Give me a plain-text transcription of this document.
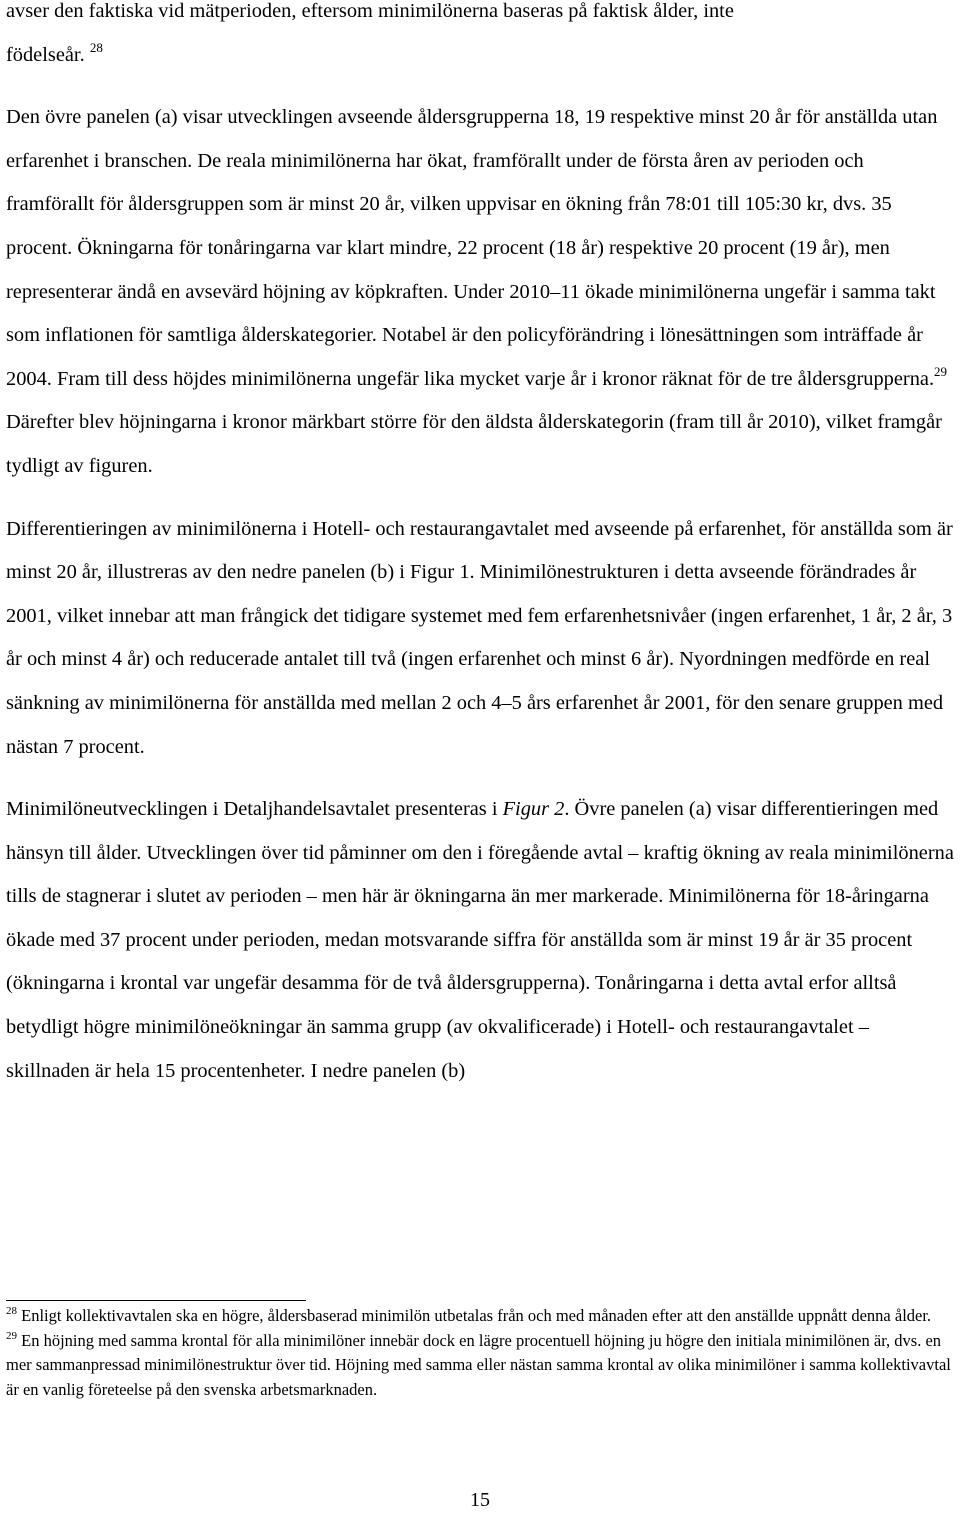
avser den faktiska vid mätperioden, eftersom minimilönerna baseras på faktisk ålder, inte
födelseår. $^{28}$

Den övre panelen (a) visar utvecklingen avseende åldersgrupperna 18, 19 respektive minst 20 år för anställda utan erfarenhet i branschen. De reala minimilönerna har ökat, framförallt under de första åren av perioden och framförallt för åldersgruppen som är minst 20 år, vilken uppvisar en ökning från 78:01 till 105:30 kr, dvs. 35 procent. Ökningarna för tonåringarna var klart mindre, 22 procent (18 år) respektive 20 procent (19 år), men representerar ändå en avsevärd höjning av köpkraften. Under 2010–11 ökade minimilönerna ungefär i samma takt som inflationen för samtliga ålderskategorier. Notabel är den policyförändring i lönesättningen som inträffade år 2004. Fram till dess höjdes minimilönerna ungefär lika mycket varje år i kronor räknat för de tre åldersgrupperna.$^{29}$ Därefter blev höjningarna i kronor märkbart större för den äldsta ålderskategorin (fram till år 2010), vilket framgår tydligt av figuren.

Differentieringen av minimilönerna i Hotell- och restaurangavtalet med avseende på erfarenhet, för anställda som är minst 20 år, illustreras av den nedre panelen (b) i Figur 1. Minimilönestrukturen i detta avseende förändrades år 2001, vilket innebar att man frångick det tidigare systemet med fem erfarenhetsnivåer (ingen erfarenhet, 1 år, 2 år, 3 år och minst 4 år) och reducerade antalet till två (ingen erfarenhet och minst 6 år). Nyordningen medförde en real sänkning av minimilönerna för anställda med mellan 2 och 4–5 års erfarenhet år 2001, för den senare gruppen med nästan 7 procent.

Minimilöneutvecklingen i Detaljhandelsavtalet presenteras i Figur 2. Övre panelen (a) visar differentieringen med hänsyn till ålder. Utvecklingen över tid påminner om den i föregående avtal – kraftig ökning av reala minimilönerna tills de stagnerar i slutet av perioden – men här är ökningarna än mer markerade. Minimilönerna för 18-åringarna ökade med 37 procent under perioden, medan motsvarande siffra för anställda som är minst 19 år är 35 procent (ökningarna i krontal var ungefär desamma för de två åldersgrupperna). Tonåringarna i detta avtal erfor alltså betydligt högre minimilöneökningar än samma grupp (av okvalificerade) i Hotell- och restaurangavtalet – skillnaden är hela 15 procentenheter. I nedre panelen (b)

$^{28}$ Enligt kollektivavtalen ska en högre, åldersbaserad minimilön utbetalas från och med månaden efter att den anställde uppnått denna ålder.

$^{29}$ En höjning med samma krontal för alla minimilöner innebär dock en lägre procentuell höjning ju högre den initiala minimilönen är, dvs. en mer sammanpressad minimilönestruktur över tid. Höjning med samma eller nästan samma krontal av olika minimilöner i samma kollektivavtal är en vanlig företeelse på den svenska arbetsmarknaden.

15
